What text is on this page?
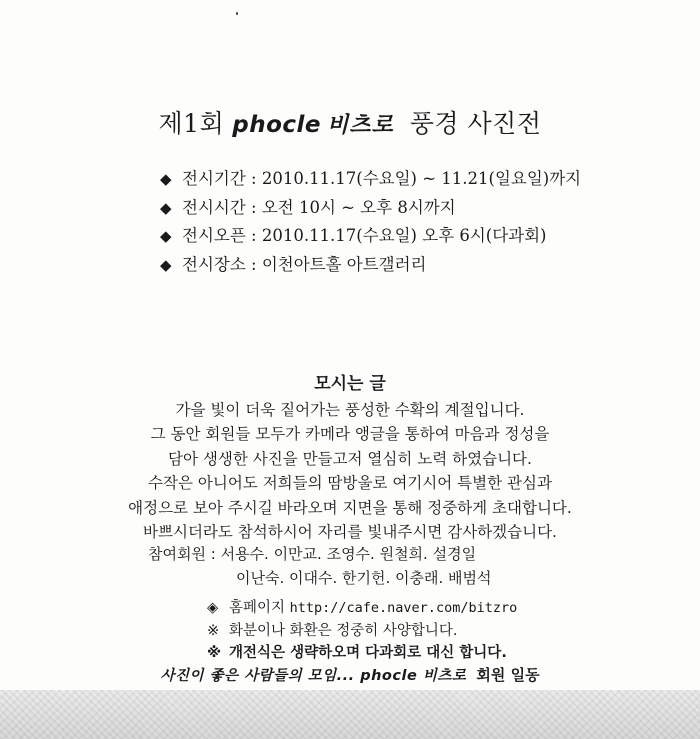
제1회 phocle 비츠로 풍경 사진전
◆ 전시기간 : 2010.11.17(수요일) ~ 11.21(일요일)까지
◆ 전시시간 : 오전 10시 ~ 오후 8시까지
◆ 전시오픈 : 2010.11.17(수요일) 오후 6시(다과회)
◆ 전시장소 : 이천아트홀 아트갤러리
모시는 글
가을 빛이 더욱 짙어가는 풍성한 수확의 계절입니다.
그 동안 회원들 모두가 카메라 앵글을 통하여 마음과 정성을
담아 생생한 사진을 만들고저 열심히 노력 하였습니다.
수작은 아니어도 저희들의 땀방울로 여기시어 특별한 관심과
애정으로 보아 주시길 바라오며 지면을 통해 정중하게 초대합니다.
바쁘시더라도 참석하시어 자리를 빛내주시면 감사하겠습니다.
참여회원 : 서용수. 이만교. 조영수. 원철희. 설경일
이난숙. 이대수. 한기헌. 이충래. 배범석
◈ 홈페이지 http://cafe.naver.com/bitzro
※ 화분이나 화환은 정중히 사양합니다.
※ 개전식은 생략하오며 다과회로 대신 합니다.
사진이 좋은 사람들의 모임... phocle 비츠로 회원 일동
